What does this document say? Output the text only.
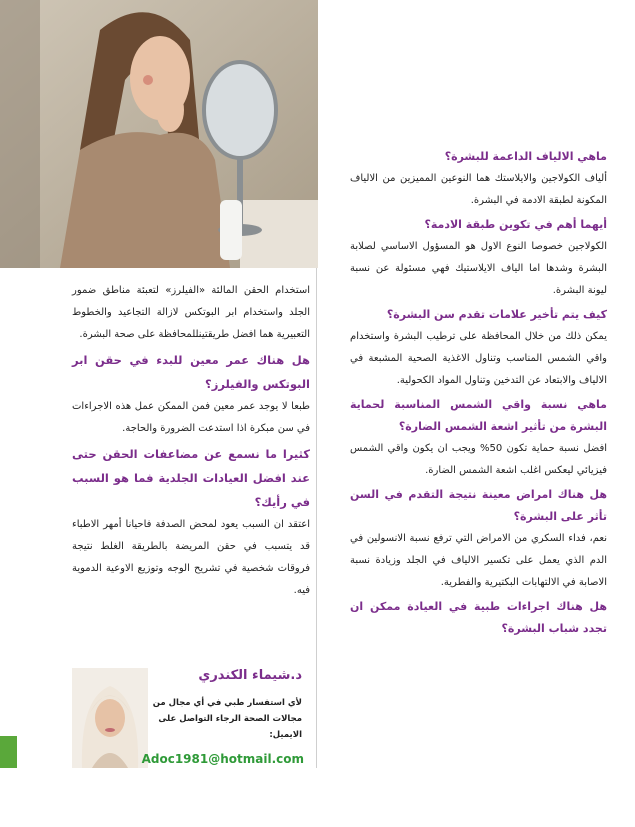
ماهي الالياف الداعمة للبشرة؟

ألياف الكولاجين والايلاستك هما النوعين المميزين من الالياف المكونة لطبقة الادمة في البشرة.

أيهما أهم في تكوين طبقة الادمة؟

الكولاجين خصوصا النوع الاول هو المسؤول الاساسي لصلابة البشرة وشدها اما الياف الايلاستيك فهي مسئولة عن نسبة ليونة البشرة.

كيف يتم تأخير علامات تقدم سن البشرة؟

يمكن ذلك من خلال المحافظة على ترطيب البشرة واستخدام واقي الشمس المناسب وتناول الاغذية الصحية المشبعة في الالياف والابتعاد عن التدخين وتناول المواد الكحولية.

ماهي نسبة واقي الشمس المناسبة لحماية البشرة من تأثير اشعة الشمس الضارة؟

افضل نسبة حماية تكون 50% ويجب ان يكون واقي الشمس فيزيائي ليعكس اغلب اشعة الشمس الضارة.

هل هناك امراض معينة نتيجة التقدم في السن تأثر على البشرة؟

نعم، فداء السكري من الامراض التي ترفع نسبة الانسولين في الدم الذي يعمل على تكسير الالياف في الجلد وزيادة نسبة الاصابة في الالتهابات البكتيرية والفطرية.

هل هناك اجراءات طبية في العيادة ممكن ان تجدد شباب البشرة؟

استخدام الحقن المالئة «الفيلرز» لتعبئة مناطق ضمور الجلد واستخدام ابر البوتكس لازالة التجاعيد والخطوط التعبيرية هما افضل طريقتينللمحافظة على صحة البشرة.

هل هناك عمر معين للبدء في حقن ابر البوتكس والفيلرز؟

طبعا لا يوجد عمر معين فمن الممكن عمل هذه الاجراءات في سن مبكرة اذا استدعت الضرورة والحاجة.

كثيرا ما نسمع عن مضاعفات الحقن حتى عند افضل العيادات الجلدية فما هو السبب في رأيك؟

اعتقد ان السبب يعود لمحض الصدفة فاحيانا أمهر الاطباء قد يتسبب في حقن المريضة بالطريقة الغلط نتيجة فروقات شخصية في تشريح الوجه وتوزيع الاوعية الدموية فيه.

د.شيماء الكندري
لأي استفسار طبي في أي مجال من
مجالات الصحة الرجاء التواصل على
الايميل:
Adoc1981@hotmail.com
